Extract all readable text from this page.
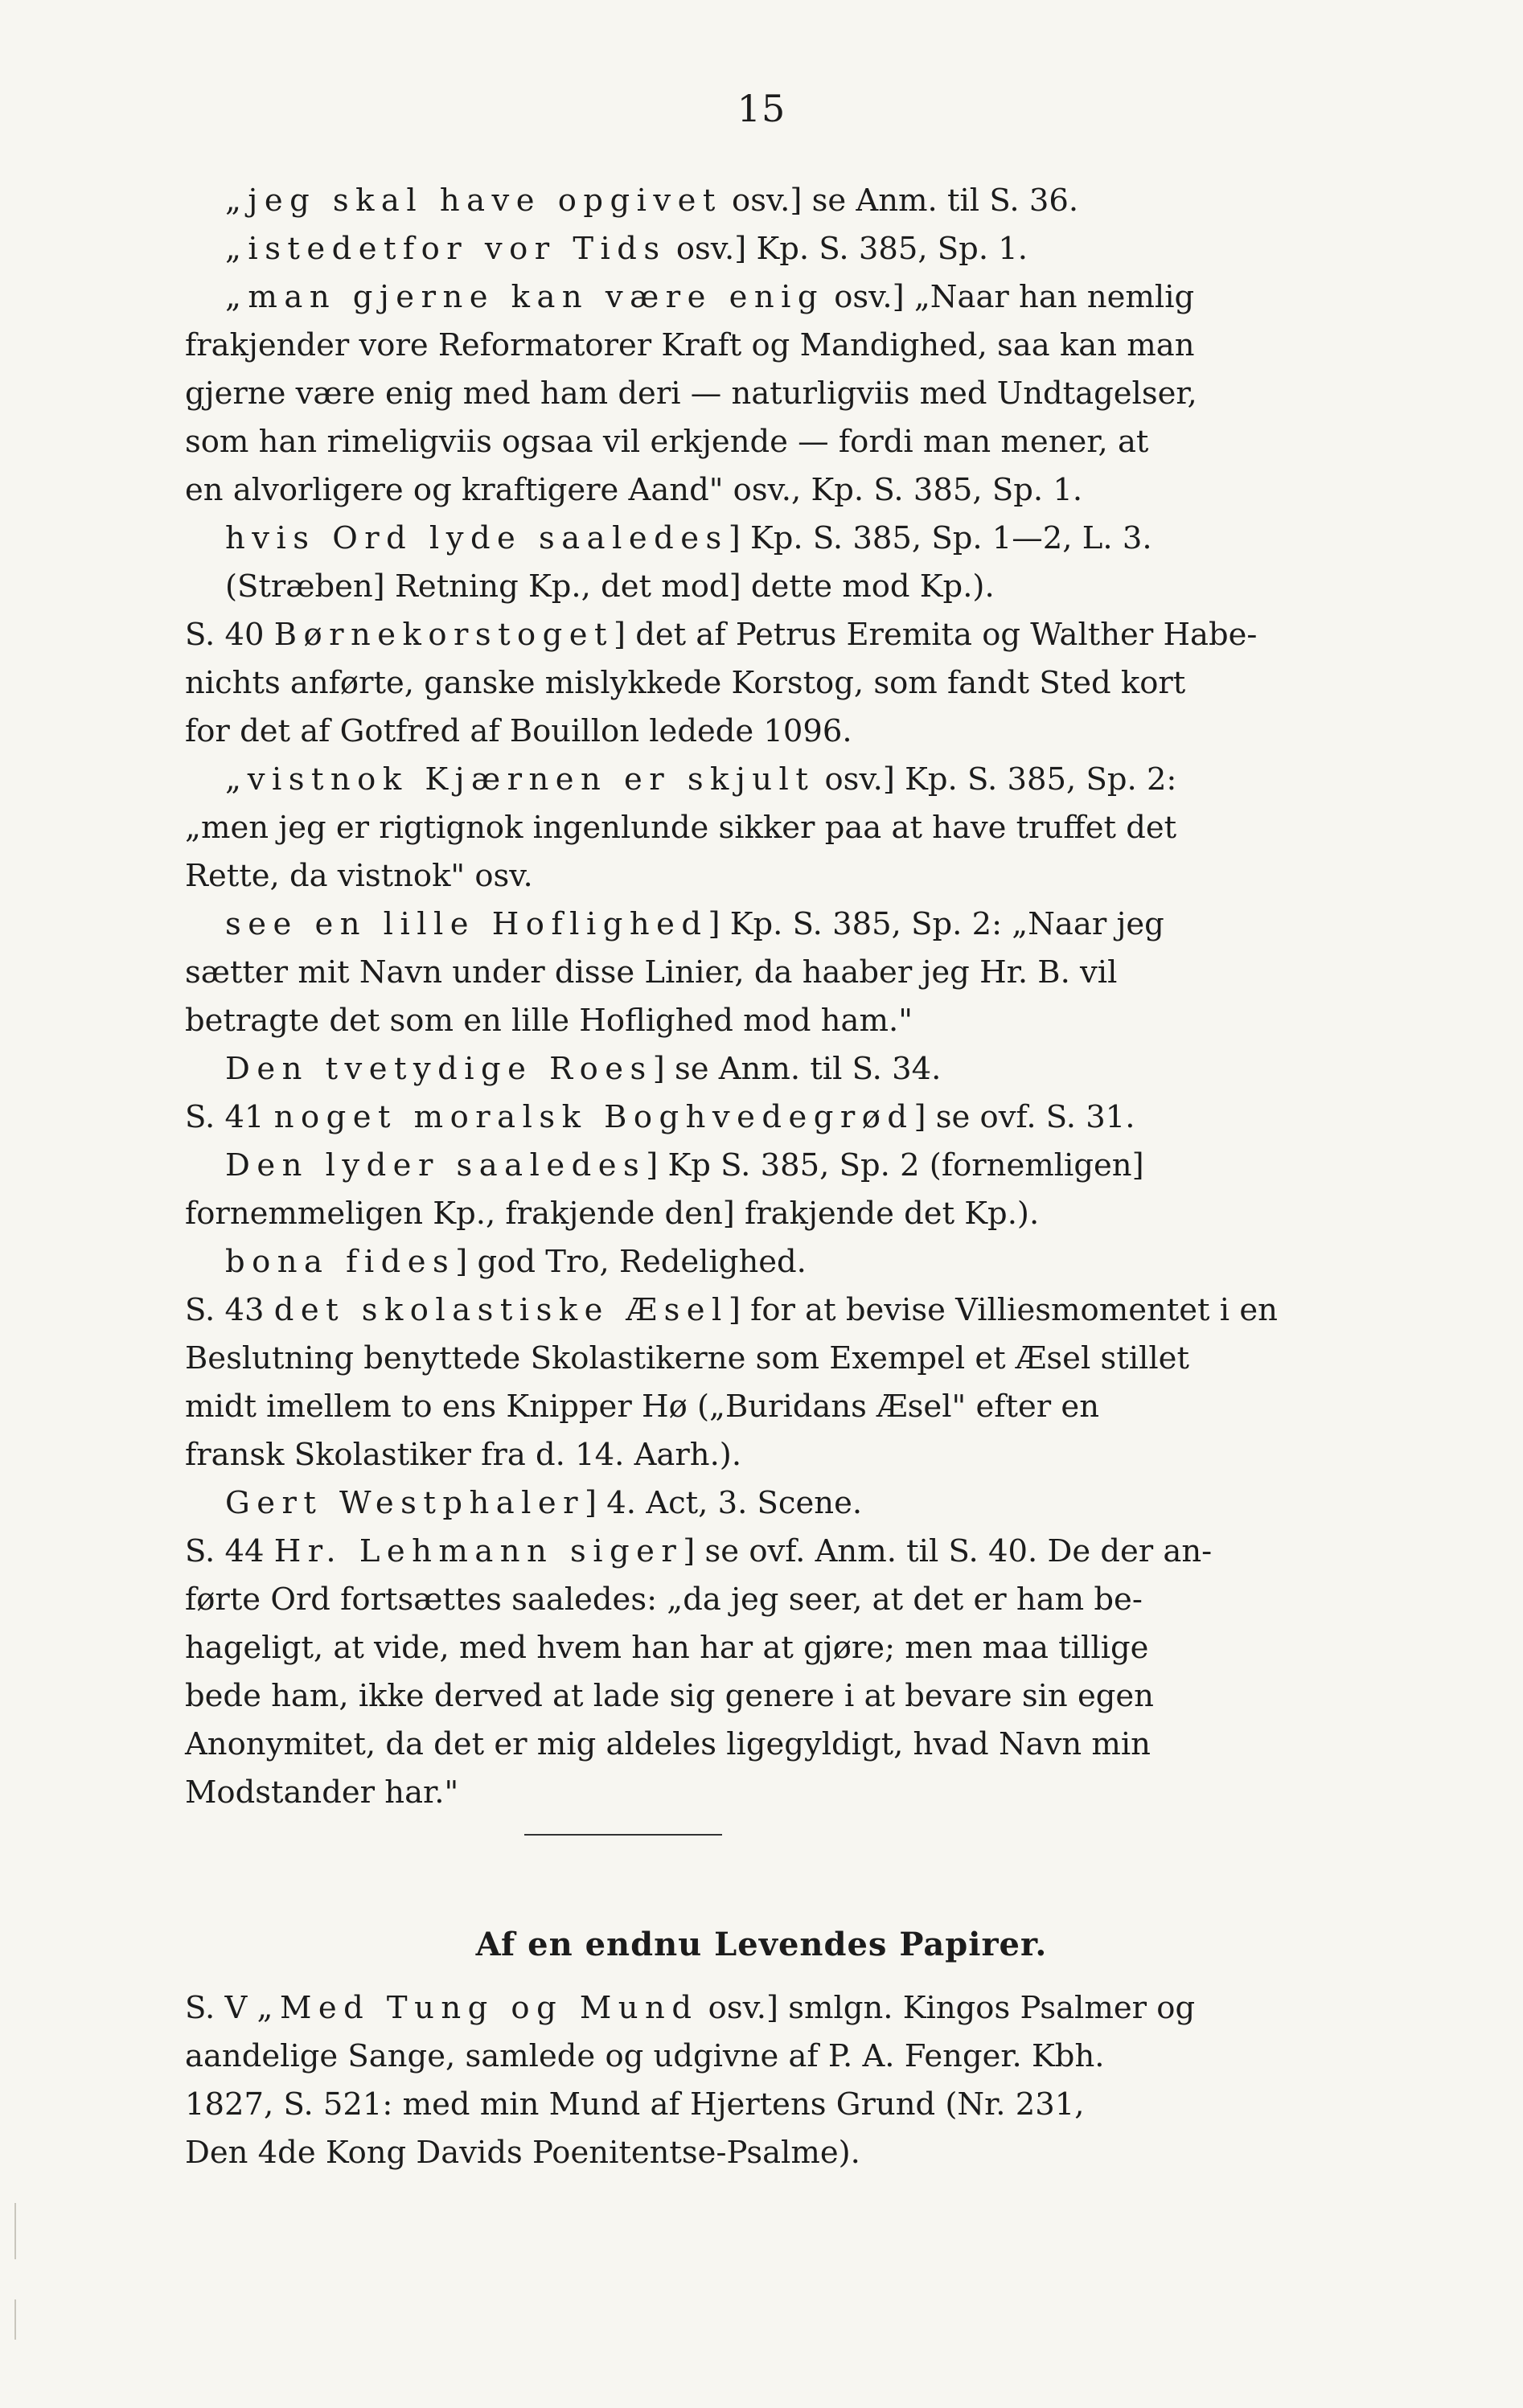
15
„jeg skal have opgivet osv.] se Anm. til S. 36.
„istedetfor vor Tids osv.] Kp. S. 385, Sp. 1.
„man gjerne kan være enig osv.] „Naar han nemlig
frakjender vore Reformatorer Kraft og Mandighed, saa kan man
gjerne være enig med ham deri — naturligviis med Undtagelser,
som han rimeligviis ogsaa vil erkjende — fordi man mener, at
en alvorligere og kraftigere Aand" osv., Kp. S. 385, Sp. 1.
hvis Ord lyde saaledes] Kp. S. 385, Sp. 1—2, L. 3.
(Stræben] Retning Kp., det mod] dette mod Kp.).
S. 40 Børnekorstoget] det af Petrus Eremita og Walther Habe-
nichts anførte, ganske mislykkede Korstog, som fandt Sted kort
for det af Gotfred af Bouillon ledede 1096.
„vistnok Kjærnen er skjult osv.] Kp. S. 385, Sp. 2:
„men jeg er rigtignok ingenlunde sikker paa at have truffet det
Rette, da vistnok" osv.
see en lille Hoflighed] Kp. S. 385, Sp. 2: „Naar jeg
sætter mit Navn under disse Linier, da haaber jeg Hr. B. vil
betragte det som en lille Hoflighed mod ham."
Den tvetydige Roes] se Anm. til S. 34.
S. 41 noget moralsk Boghvedegrød] se ovf. S. 31.
Den lyder saaledes] Kp S. 385, Sp. 2 (fornemligen]
fornemmeligen Kp., frakjende den] frakjende det Kp.).
bona fides] god Tro, Redelighed.
S. 43 det skolastiske Æsel] for at bevise Villiesmomentet i en
Beslutning benyttede Skolastikerne som Exempel et Æsel stillet
midt imellem to ens Knipper Hø („Buridans Æsel" efter en
fransk Skolastiker fra d. 14. Aarh.).
Gert Westphaler] 4. Act, 3. Scene.
S. 44 Hr. Lehmann siger] se ovf. Anm. til S. 40. De der an-
førte Ord fortsættes saaledes: „da jeg seer, at det er ham be-
hageligt, at vide, med hvem han har at gjøre; men maa tillige
bede ham, ikke derved at lade sig genere i at bevare sin egen
Anonymitet, da det er mig aldeles ligegyldigt, hvad Navn min
Modstander har."
Af en endnu Levendes Papirer.
S. V „Med Tung og Mund osv.] smlgn. Kingos Psalmer og
aandelige Sange, samlede og udgivne af P. A. Fenger. Kbh.
1827, S. 521: med min Mund af Hjertens Grund (Nr. 231,
Den 4de Kong Davids Poenitentse-Psalme).
